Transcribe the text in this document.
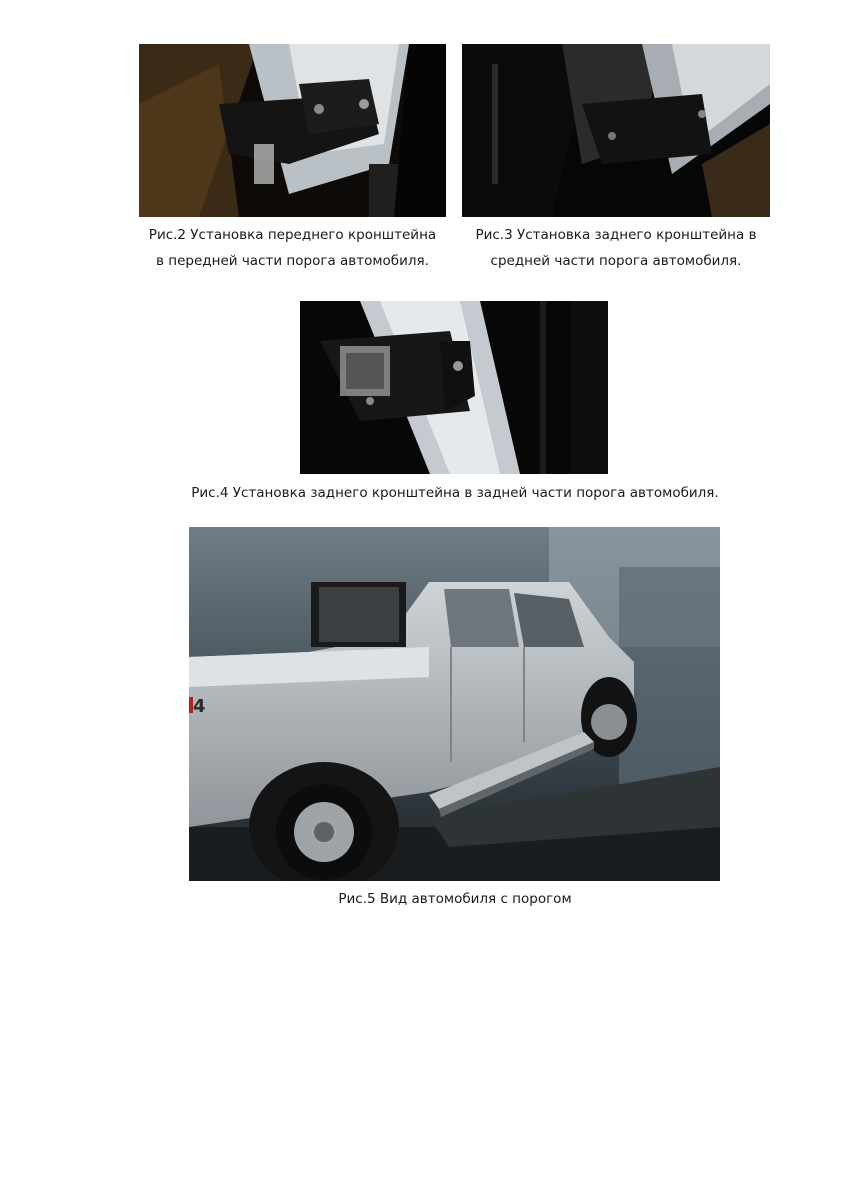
Рис.2 Установка переднего кронштейна
в передней части порога автомобиля.
Рис.3 Установка заднего кронштейна в
средней части порога автомобиля.
Рис.4 Установка заднего кронштейна в задней части порога автомобиля.
4
Рис.5 Вид автомобиля с порогом
